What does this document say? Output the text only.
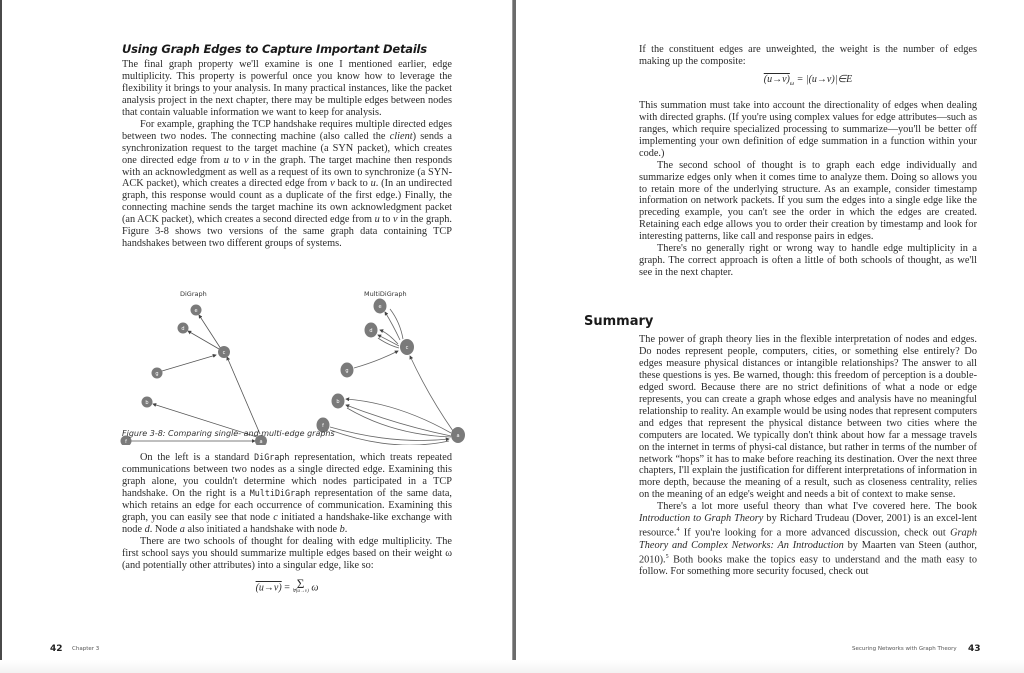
Using Graph Edges to Capture Important Details

The final graph property we'll examine is one I mentioned earlier, edge multiplicity. This property is powerful once you know how to leverage the flexibility it brings to your analysis. In many practical instances, like the packet analysis project in the next chapter, there may be multiple edges between nodes that contain valuable information we want to keep for analysis.

For example, graphing the TCP handshake requires multiple directed edges between two nodes. The connecting machine (also called the client) sends a synchronization request to the target machine (a SYN packet), which creates one directed edge from u to v in the graph. The target machine then responds with an acknowledgment as well as a request of its own to synchronize (a SYN-ACK packet), which creates a directed edge from v back to u. (In an undirected graph, this response would count as a duplicate of the first edge.) Finally, the connecting machine sends the target machine its own acknowledgment packet (an ACK packet), which creates a second directed edge from u to v in the graph. Figure 3-8 shows two versions of the same graph data containing TCP handshakes between two different groups of systems.

DiGraph	MultiDiGraph
e
d
c
g
b
f	a
e
d
c
g
b
f
a
Figure 3-8: Comparing single- and multi-edge graphs

On the left is a standard DiGraph representation, which treats repeated communications between two nodes as a single directed edge. Examining this graph alone, you couldn't determine which nodes participated in a TCP handshake. On the right is a MultiDiGraph representation of the same data, which retains an edge for each occurrence of communication. Examining this graph, you can easily see that node c initiated a handshake-like exchange with node d. Node a also initiated a handshake with node b.

There are two schools of thought for dealing with edge multiplicity. The first school says you should summarize multiple edges based on their weight ω (and potentially other attributes) into a singular edge, like so:

(u→v) = Σ
∀(u→v) ω
42 Chapter 3

If the constituent edges are unweighted, the weight is the number of edges making up the composite:

$(u\to v)_\omega$ = |(u→v)|∈E

This summation must take into account the directionality of edges when dealing with directed graphs. (If you're using complex values for edge attributes—such as ranges, which require specialized processing to summarize—you'll be better off implementing your own definition of edge summation in a function within your code.)

The second school of thought is to graph each edge individually and summarize edges only when it comes time to analyze them. Doing so allows you to retain more of the underlying structure. As an example, consider timestamp information on network packets. If you sum the edges into a single edge like the preceding example, you can't see the order in which the edges are created. Retaining each edge allows you to order their creation by timestamp and look for interesting patterns, like call and response pairs in edges.

There's no generally right or wrong way to handle edge multiplicity in a graph. The correct approach is often a little of both schools of thought, as we'll see in the next chapter.

Summary

The power of graph theory lies in the flexible interpretation of nodes and edges. Do nodes represent people, computers, cities, or something else entirely? Do edges measure physical distances or intangible relationships? The answer to all these questions is yes. Be warned, though: this freedom of perception is a double-edged sword. Because there are no strict definitions of what a node or edge represents, you can create a graph whose edges and analysis have no meaningful relationship to reality. An example would be using nodes that represent computers and edges that represent the physical distance between two cities where the computers are located. We typically don't think about how far a message travels on the internet in terms of physi-cal distance, but rather in terms of the number of network “hops” it has to make before reaching its destination. Over the next three chapters, I'll explain the justification for different interpretations of information in more depth, because the meaning of a result, such as closeness centrality, relies on the meaning of an edge's weight and needs a bit of context to make sense.

There's a lot more useful theory than what I've covered here. The book Introduction to Graph Theory by Richard Trudeau (Dover, 2001) is an excel-lent resource.$^4$ If you're looking for a more advanced discussion, check out Graph Theory and Complex Networks: An Introduction by Maarten van Steen (author, 2010).$^5$ Both books make the topics easy to understand and the math easy to follow. For something more security focused, check out

Securing Networks with Graph Theory 43
